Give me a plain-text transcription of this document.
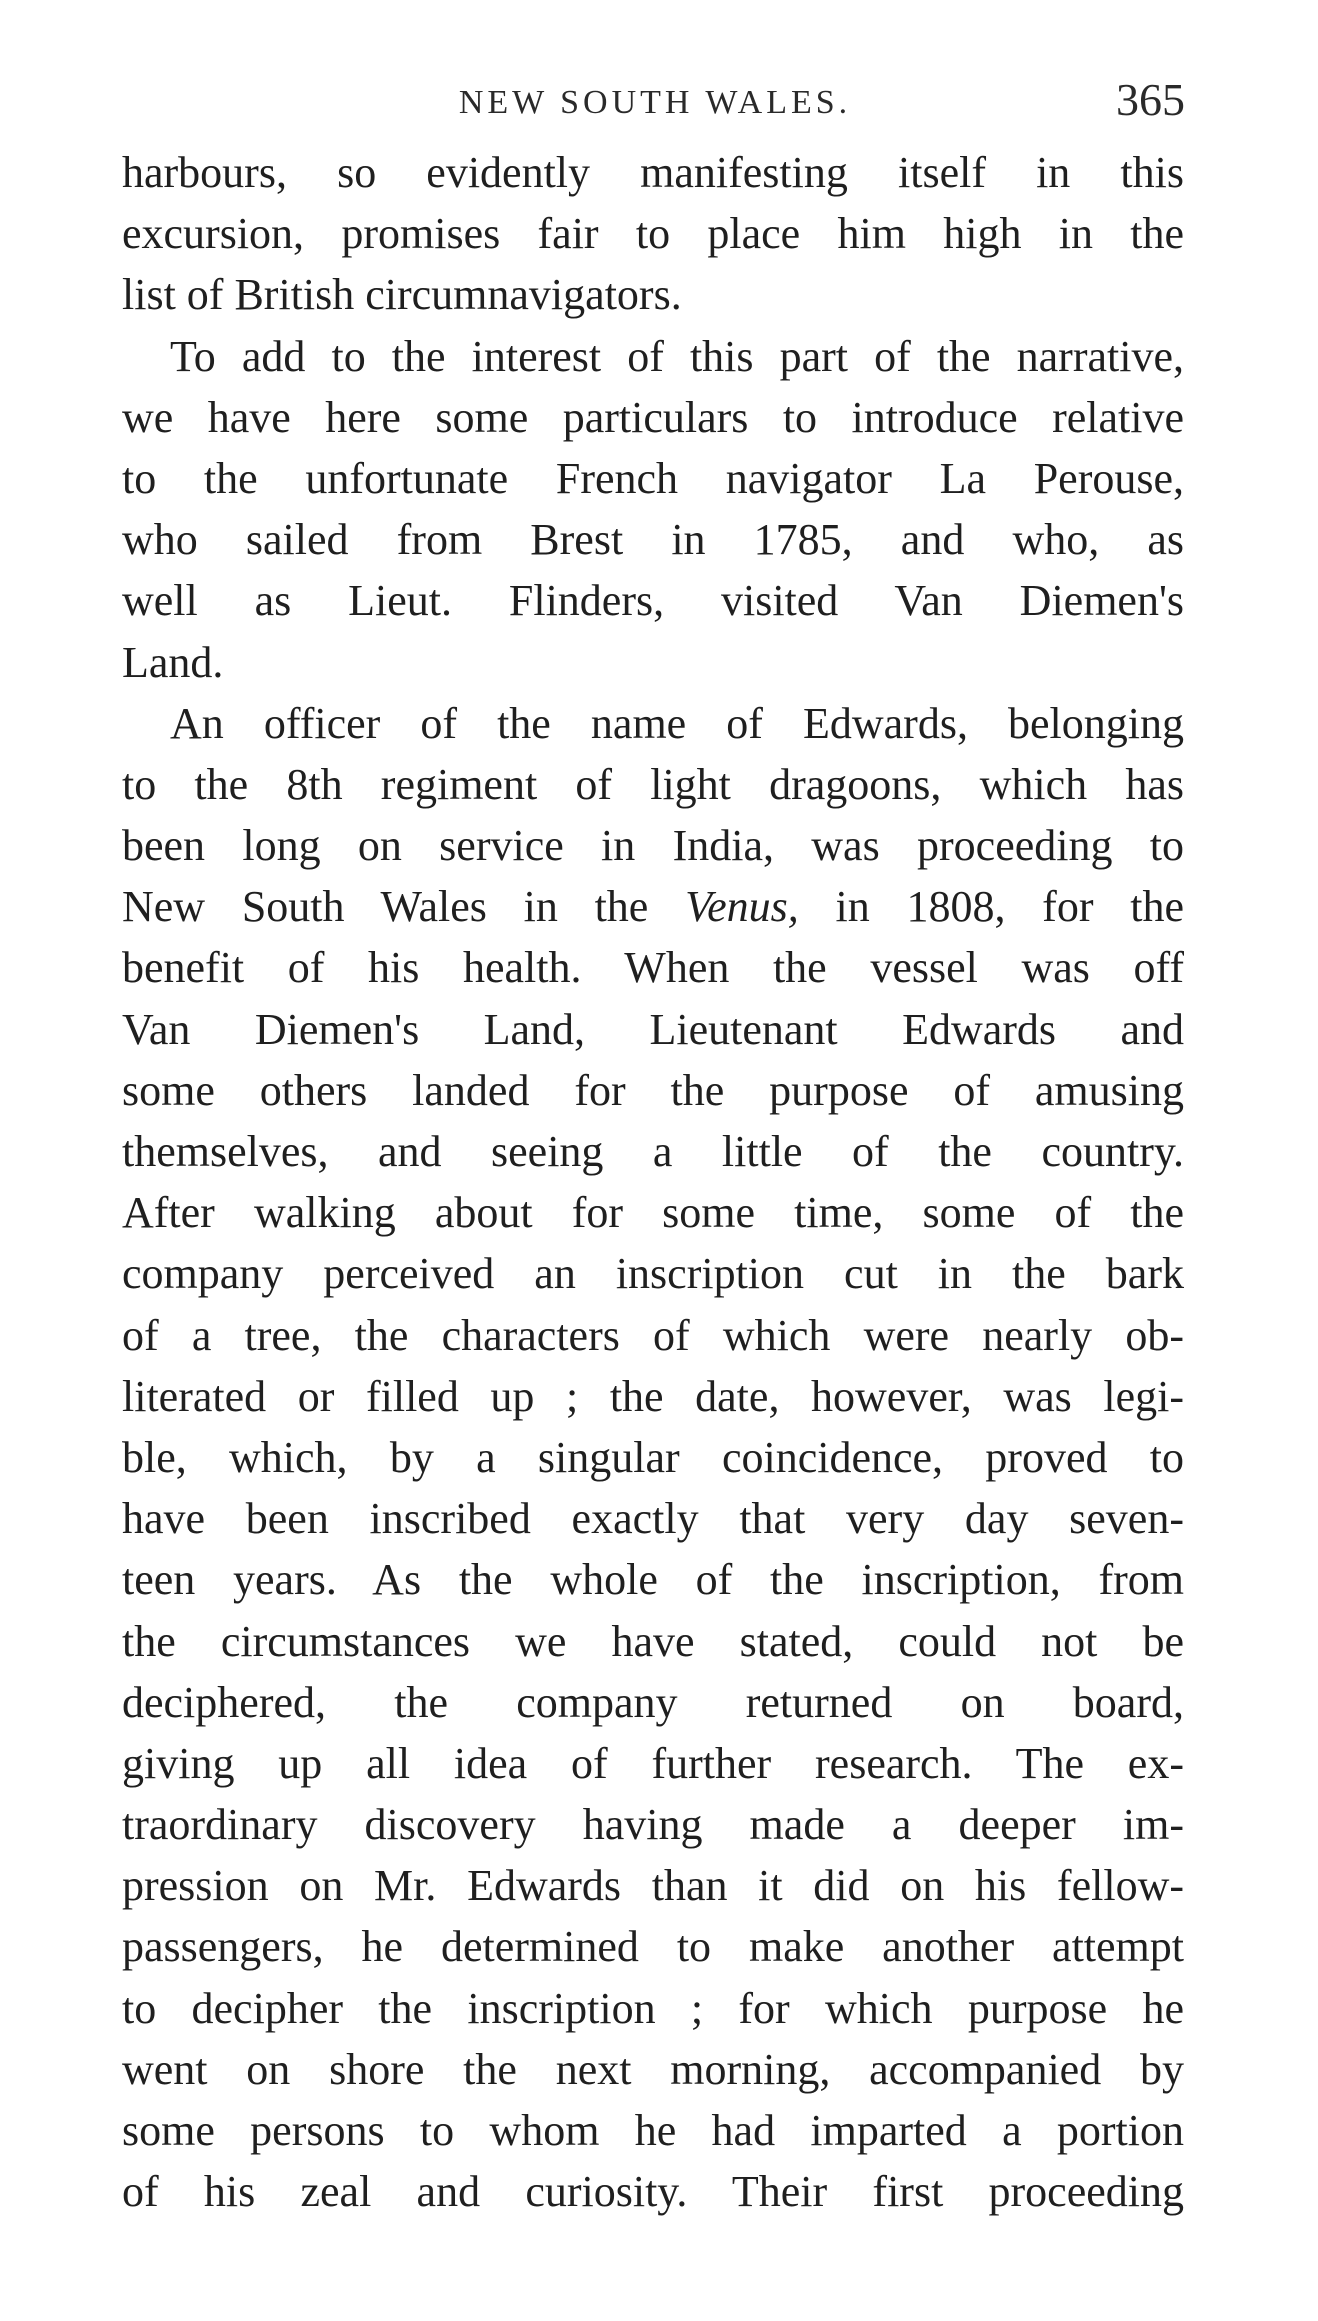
NEW SOUTH WALES.	365
harbours, so evidently manifesting itself in this
excursion, promises fair to place him high in the
list of British circumnavigators.
To add to the interest of this part of the narrative,
we have here some particulars to introduce relative
to the unfortunate French navigator La Perouse,
who sailed from Brest in 1785, and who, as
well as Lieut. Flinders, visited Van Diemen's
Land.
An officer of the name of Edwards, belonging
to the 8th regiment of light dragoons, which has
been long on service in India, was proceeding to
New South Wales in the Venus, in 1808, for the
benefit of his health. When the vessel was off
Van Diemen's Land, Lieutenant Edwards and
some others landed for the purpose of amusing
themselves, and seeing a little of the country.
After walking about for some time, some of the
company perceived an inscription cut in the bark
of a tree, the characters of which were nearly ob-
literated or filled up ; the date, however, was legi-
ble, which, by a singular coincidence, proved to
have been inscribed exactly that very day seven-
teen years. As the whole of the inscription, from
the circumstances we have stated, could not be
deciphered, the company returned on board,
giving up all idea of further research. The ex-
traordinary discovery having made a deeper im-
pression on Mr. Edwards than it did on his fellow-
passengers, he determined to make another attempt
to decipher the inscription ; for which purpose he
went on shore the next morning, accompanied by
some persons to whom he had imparted a portion
of his zeal and curiosity. Their first proceeding
